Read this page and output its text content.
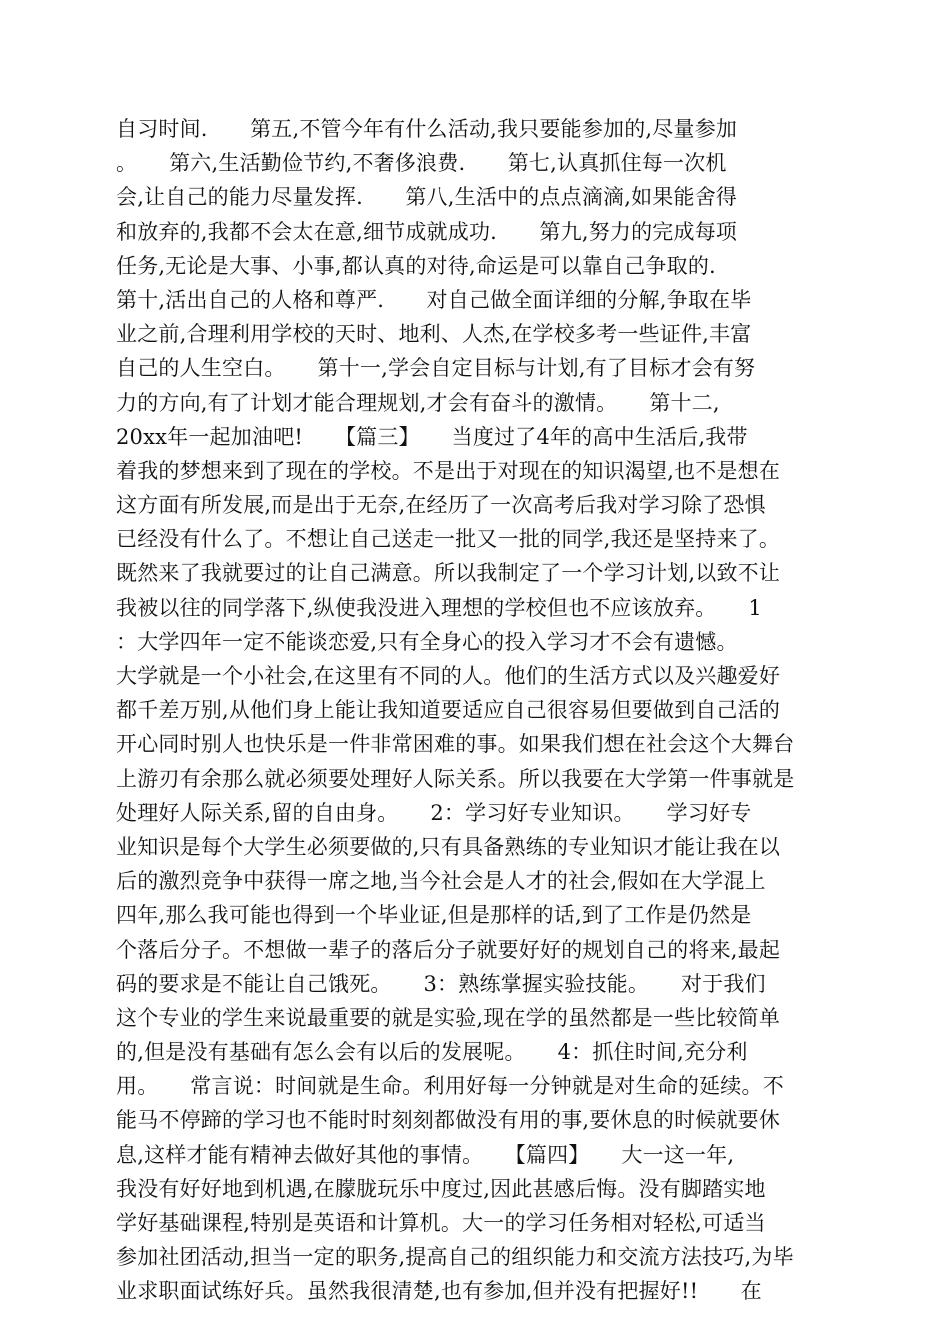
自习时间.　　第五,不管今年有什么活动,我只要能参加的,尽量参加
。　　第六,生活勤俭节约,不奢侈浪费.　　第七,认真抓住每一次机
会,让自己的能力尽量发挥.　　第八,生活中的点点滴滴,如果能舍得
和放弃的,我都不会太在意,细节成就成功.　　第九,努力的完成每项
任务,无论是大事、小事,都认真的对待,命运是可以靠自己争取的.
第十,活出自己的人格和尊严.　　对自己做全面详细的分解,争取在毕
业之前,合理利用学校的天时、地利、人杰,在学校多考一些证件,丰富
自己的人生空白。　　第十一,学会自定目标与计划,有了目标才会有努
力的方向,有了计划才能合理规划,才会有奋斗的激情。　　第十二,
20xx年一起加油吧!　　【篇三】　　当度过了4年的高中生活后,我带
着我的梦想来到了现在的学校。不是出于对现在的知识渴望,也不是想在
这方面有所发展,而是出于无奈,在经历了一次高考后我对学习除了恐惧
已经没有什么了。不想让自己送走一批又一批的同学,我还是坚持来了。
既然来了我就要过的让自己满意。所以我制定了一个学习计划,以致不让
我被以往的同学落下,纵使我没进入理想的学校但也不应该放弃。　　1
：大学四年一定不能谈恋爱,只有全身心的投入学习才不会有遗憾。
大学就是一个小社会,在这里有不同的人。他们的生活方式以及兴趣爱好
都千差万别,从他们身上能让我知道要适应自己很容易但要做到自己活的
开心同时别人也快乐是一件非常困难的事。如果我们想在社会这个大舞台
上游刃有余那么就必须要处理好人际关系。所以我要在大学第一件事就是
处理好人际关系,留的自由身。　　2：学习好专业知识。　　学习好专
业知识是每个大学生必须要做的,只有具备熟练的专业知识才能让我在以
后的激烈竞争中获得一席之地,当今社会是人才的社会,假如在大学混上
四年,那么我可能也得到一个毕业证,但是那样的话,到了工作是仍然是
个落后分子。不想做一辈子的落后分子就要好好的规划自己的将来,最起
码的要求是不能让自己饿死。　　3：熟练掌握实验技能。　　对于我们
这个专业的学生来说最重要的就是实验,现在学的虽然都是一些比较简单
的,但是没有基础有怎么会有以后的发展呢。　　4：抓住时间,充分利
用。　　常言说：时间就是生命。利用好每一分钟就是对生命的延续。不
能马不停蹄的学习也不能时时刻刻都做没有用的事,要休息的时候就要休
息,这样才能有精神去做好其他的事情。　　【篇四】　　大一这一年,
我没有好好地到机遇,在朦胧玩乐中度过,因此甚感后悔。没有脚踏实地
学好基础课程,特别是英语和计算机。大一的学习任务相对轻松,可适当
参加社团活动,担当一定的职务,提高自己的组织能力和交流方法技巧,为毕
业求职面试练好兵。虽然我很清楚,也有参加,但并没有把握好!!　　在
